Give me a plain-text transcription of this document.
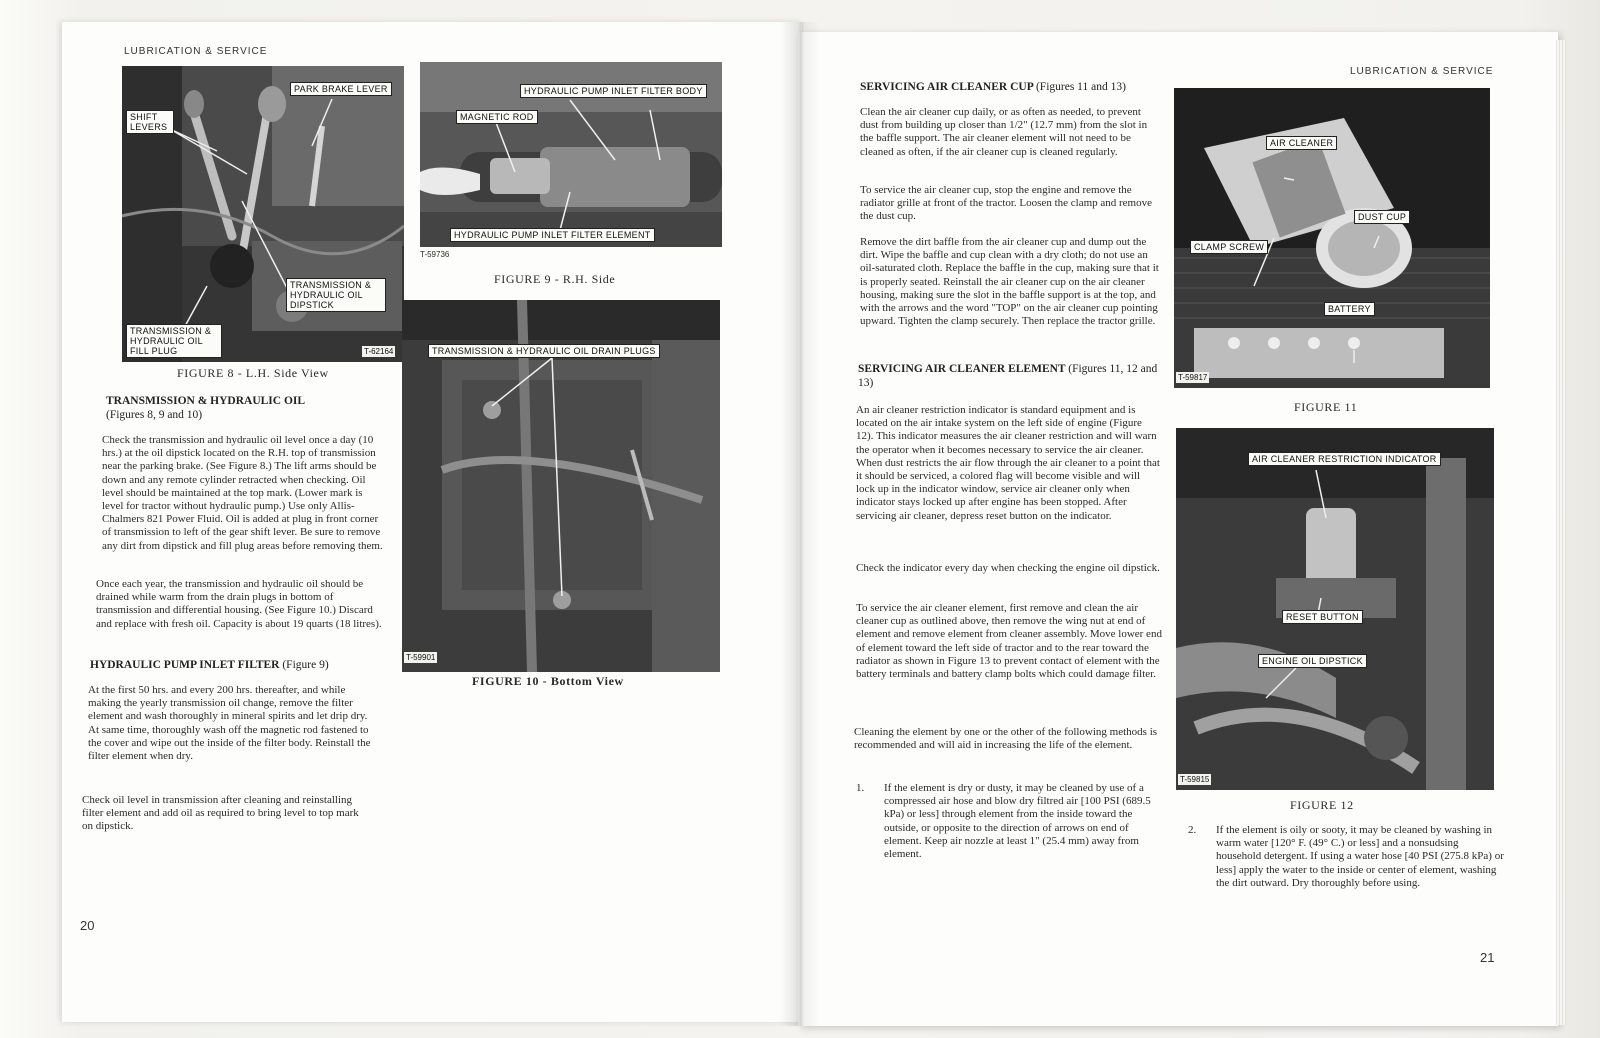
LUBRICATION & SERVICE
PARK BRAKE LEVER
SHIFT LEVERS
TRANSMISSION & HYDRAULIC OIL DIPSTICK
TRANSMISSION & HYDRAULIC OIL FILL PLUG	T-62164
FIGURE 8 - L.H. Side View
HYDRAULIC PUMP INLET FILTER BODY
MAGNETIC ROD
HYDRAULIC PUMP INLET FILTER ELEMENT
T-59736
FIGURE 9 - R.H. Side
TRANSMISSION & HYDRAULIC OIL DRAIN PLUGS
T-59901
FIGURE 10 - Bottom View
TRANSMISSION & HYDRAULIC OIL
(Figures 8, 9 and 10)
Check the transmission and hydraulic oil level once a day (10 hrs.) at the oil dipstick located on the R.H. top of transmission near the parking brake. (See Figure 8.) The lift arms should be down and any remote cylinder retracted when checking. Oil level should be maintained at the top mark. (Lower mark is level for tractor without hydraulic pump.) Use only Allis-Chalmers 821 Power Fluid. Oil is added at plug in front corner of transmission to left of the gear shift lever. Be sure to remove any dirt from dipstick and fill plug areas before removing them.
Once each year, the transmission and hydraulic oil should be drained while warm from the drain plugs in bottom of transmission and differential housing. (See Figure 10.) Discard and replace with fresh oil. Capacity is about 19 quarts (18 litres).
HYDRAULIC PUMP INLET FILTER (Figure 9)
At the first 50 hrs. and every 200 hrs. thereafter, and while making the yearly transmission oil change, remove the filter element and wash thoroughly in mineral spirits and let drip dry. At same time, thoroughly wash off the magnetic rod fastened to the cover and wipe out the inside of the filter body. Reinstall the filter element when dry.
Check oil level in transmission after cleaning and reinstalling filter element and add oil as required to bring level to top mark on dipstick.
20
LUBRICATION & SERVICE
SERVICING AIR CLEANER CUP (Figures 11 and 13)
Clean the air cleaner cup daily, or as often as needed, to prevent dust from building up closer than 1/2" (12.7 mm) from the slot in the baffle support. The air cleaner element will not need to be cleaned as often, if the air cleaner cup is cleaned regularly.
To service the air cleaner cup, stop the engine and remove the radiator grille at front of the tractor. Loosen the clamp and remove the dust cup.
Remove the dirt baffle from the air cleaner cup and dump out the dirt. Wipe the baffle and cup clean with a dry cloth; do not use an oil-saturated cloth. Replace the baffle in the cup, making sure that it is properly seated. Reinstall the air cleaner cup on the air cleaner housing, making sure the slot in the baffle support is at the top, and with the arrows and the word "TOP" on the air cleaner cup pointing upward. Tighten the clamp securely. Then replace the tractor grille.
SERVICING AIR CLEANER ELEMENT (Figures 11, 12 and 13)
An air cleaner restriction indicator is standard equipment and is located on the air intake system on the left side of engine (Figure 12). This indicator measures the air cleaner restriction and will warn the operator when it becomes necessary to service the air cleaner. When dust restricts the air flow through the air cleaner to a point that it should be serviced, a colored flag will become visible and will lock up in the indicator window, service air cleaner only when indicator stays locked up after engine has been stopped. After servicing air cleaner, depress reset button on the indicator.
Check the indicator every day when checking the engine oil dipstick.
To service the air cleaner element, first remove and clean the air cleaner cup as outlined above, then remove the wing nut at end of element and remove element from cleaner assembly. Move lower end of element toward the left side of tractor and to the rear toward the radiator as shown in Figure 13 to prevent contact of element with the battery terminals and battery clamp bolts which could damage filter.
Cleaning the element by one or the other of the following methods is recommended and will aid in increasing the life of the element.
1. If the element is dry or dusty, it may be cleaned by use of a compressed air hose and blow dry filtred air [100 PSI (689.5 kPa) or less] through element from the inside toward the outside, or opposite to the direction of arrows on end of element. Keep air nozzle at least 1" (25.4 mm) away from element.
2. If the element is oily or sooty, it may be cleaned by washing in warm water [120° F. (49° C.) or less] and a nonsudsing household detergent. If using a water hose [40 PSI (275.8 kPa) or less] apply the water to the inside or center of element, washing the dirt outward. Dry thoroughly before using.
AIR CLEANER
DUST CUP
CLAMP SCREW
BATTERY
T-59817
FIGURE 11
AIR CLEANER RESTRICTION INDICATOR
RESET BUTTON
ENGINE OIL DIPSTICK
T-59815
FIGURE 12
21
